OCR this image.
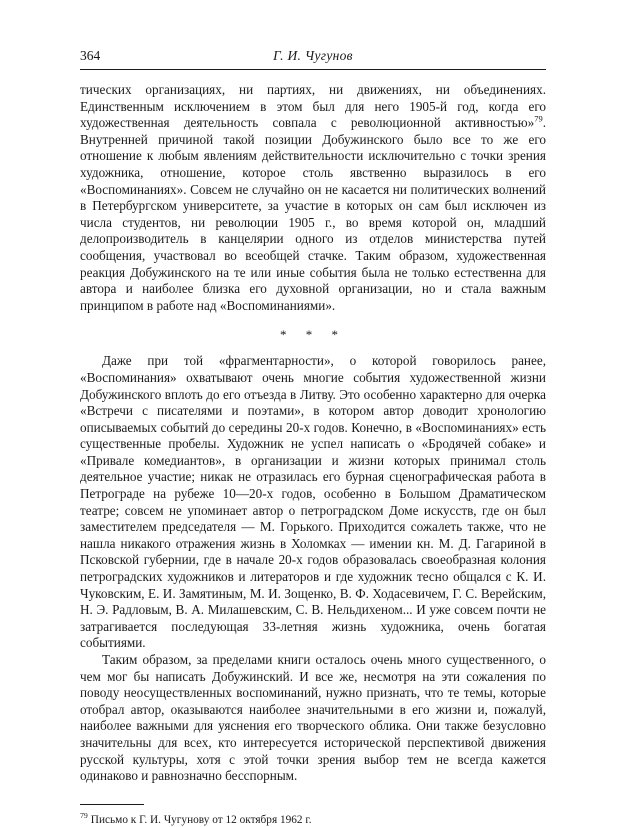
364	Г. И. Чугунов

тических организациях, ни партиях, ни движениях, ни объединениях. Единственным исключением в этом был для него 1905-й год, когда его художественная деятельность совпала с революционной активностью»$^{79}$. Внутренней причиной такой позиции Добужинского было все то же его отношение к любым явлениям действительности исключительно с точки зрения художника, отношение, которое столь явственно выразилось в его «Воспоминаниях». Совсем не случайно он не касается ни политических волнений в Петербургском университете, за участие в которых он сам был исключен из числа студентов, ни революции 1905 г., во время которой он, младший делопроизводитель в канцелярии одного из отделов министерства путей сообщения, участвовал во всеобщей стачке. Таким образом, художественная реакция Добужинского на те или иные события была не только естественна для автора и наиболее близка его духовной организации, но и стала важным принципом в работе над «Воспоминаниями».

* * *

Даже при той «фрагментарности», о которой говорилось ранее, «Воспоминания» охватывают очень многие события художественной жизни Добужинского вплоть до его отъезда в Литву. Это особенно характерно для очерка «Встречи с писателями и поэтами», в котором автор доводит хронологию описываемых событий до середины 20-х годов. Конечно, в «Воспоминаниях» есть существенные пробелы. Художник не успел написать о «Бродячей собаке» и «Привале комедиантов», в организации и жизни которых принимал столь деятельное участие; никак не отразилась его бурная сценографическая работа в Петрограде на рубеже 10—20-х годов, особенно в Большом Драматическом театре; совсем не упоминает автор о петроградском Доме искусств, где он был заместителем председателя — М. Горького. Приходится сожалеть также, что не нашла никакого отражения жизнь в Холомках — имении кн. М. Д. Гагариной в Псковской губернии, где в начале 20-х годов образовалась своеобразная колония петроградских художников и литераторов и где художник тесно общался с К. И. Чуковским, Е. И. Замятиным, М. И. Зощенко, В. Ф. Ходасевичем, Г. С. Верейским, Н. Э. Радловым, В. А. Милашевским, С. В. Нельдихеном... И уже совсем почти не затрагивается последующая 33-летняя жизнь художника, очень богатая событиями.

Таким образом, за пределами книги осталось очень много существенного, о чем мог бы написать Добужинский. И все же, несмотря на эти сожаления по поводу неосуществленных воспоминаний, нужно признать, что те темы, которые отобрал автор, оказываются наиболее значительными в его жизни и, пожалуй, наиболее важными для уяснения его творческого облика. Они также безусловно значительны для всех, кто интересуется исторической перспективой движения русской культуры, хотя с этой точки зрения выбор тем не всегда кажется одинаково и равнозначно бесспорным.

$^{79}$ Письмо к Г. И. Чугунову от 12 октября 1962 г.
